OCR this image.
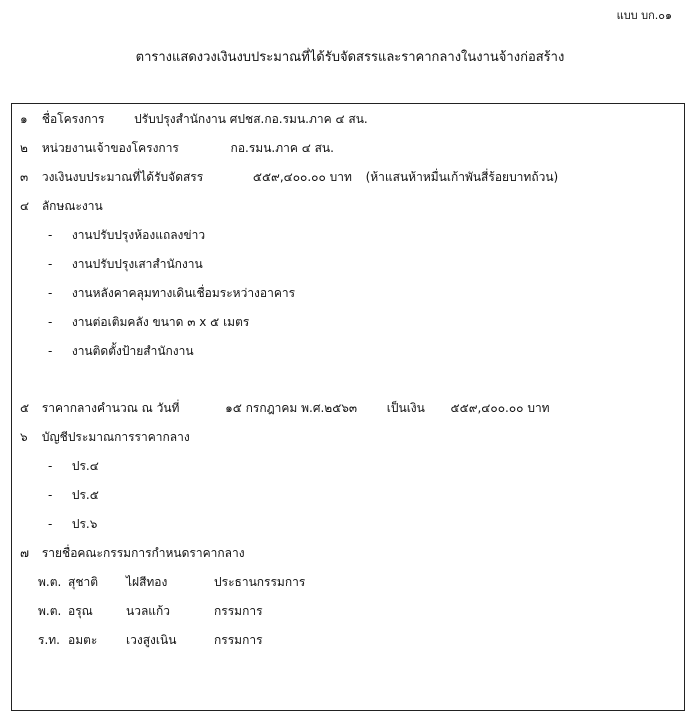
แบบ บก.๐๑
ตารางแสดงวงเงินงบประมาณที่ได้รับจัดสรรและราคากลางในงานจ้างก่อสร้าง
๑ ชื่อโครงการ ปรับปรุงสำนักงาน ศปชส.กอ.รมน.ภาค ๔ สน.
๒ หน่วยงานเจ้าของโครงการ	กอ.รมน.ภาค ๔ สน.
๓ วงเงินงบประมาณที่ได้รับจัดสรร	๕๕๙,๔๐๐.๐๐ บาท (ห้าแสนห้าหมื่นเก้าพันสี่ร้อยบาทถ้วน)
๔ ลักษณะงาน
- งานปรับปรุงห้องแถลงข่าว
- งานปรับปรุงเสาสำนักงาน
- งานหลังคาคลุมทางเดินเชื่อมระหว่างอาคาร
- งานต่อเติมคลัง ขนาด ๓ x ๕ เมตร
- งานติดตั้งป้ายสำนักงาน
๕ ราคากลางคำนวณ ณ วันที่	๑๕ กรกฎาคม พ.ศ.๒๕๖๓ เป็นเงิน ๕๕๙,๔๐๐.๐๐ บาท
๖ บัญชีประมาณการราคากลาง
- ปร.๔
- ปร.๕
- ปร.๖
๗ รายชื่อคณะกรรมการกำหนดราคากลาง
พ.ต. สุชาติ ไฝสีทอง	ประธานกรรมการ
พ.ต. อรุณ	นวลแก้ว	กรรมการ
ร.ท. อมตะ เวงสูงเนิน	กรรมการ
